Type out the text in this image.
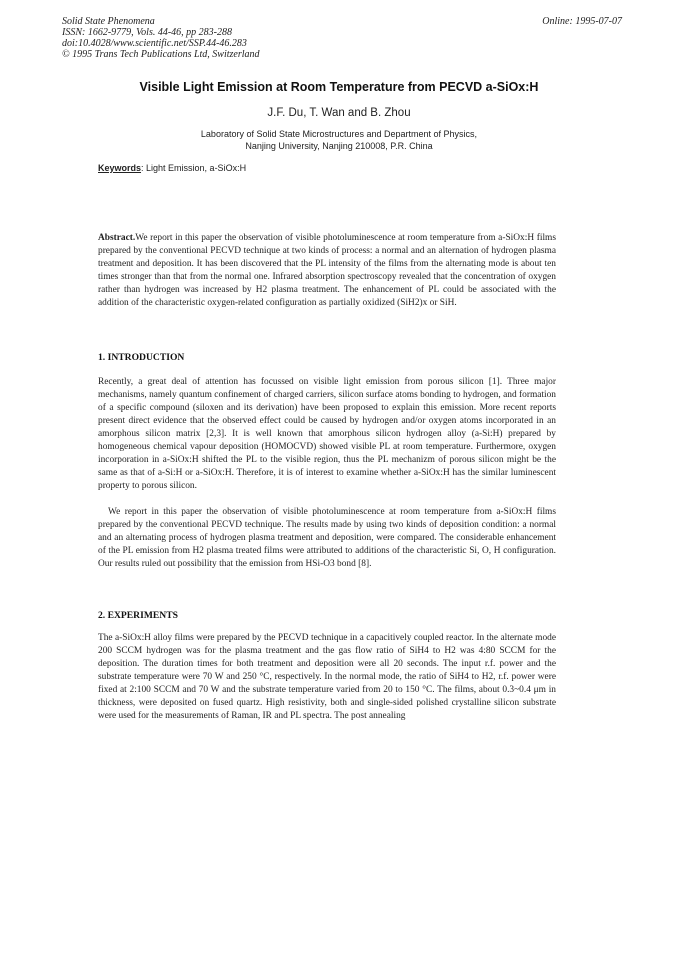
Solid State Phenomena
ISSN: 1662-9779, Vols. 44-46, pp 283-288
doi:10.4028/www.scientific.net/SSP.44-46.283
© 1995 Trans Tech Publications Ltd, Switzerland
Online: 1995-07-07
Visible Light Emission at Room Temperature from PECVD a-SiOx:H
J.F. Du, T. Wan and B. Zhou
Laboratory of Solid State Microstructures and Department of Physics,
Nanjing University, Nanjing 210008, P.R. China
Keywords: Light Emission, a-SiOx:H
Abstract.We report in this paper the observation of visible photoluminescence at room temperature from a-SiOx:H films prepared by the conventional PECVD technique at two kinds of process: a normal and an alternation of hydrogen plasma treatment and deposition. It has been discovered that the PL intensity of the films from the alternating mode is about ten times stronger than that from the normal one. Infrared absorption spectroscopy revealed that the concentration of oxygen rather than hydrogen was increased by H2 plasma treatment. The enhancement of PL could be associated with the addition of the characteristic oxygen-related configuration as partially oxidized (SiH2)x or SiH.
1. INTRODUCTION
Recently, a great deal of attention has focussed on visible light emission from porous silicon [1]. Three major mechanisms, namely quantum confinement of charged carriers, silicon surface atoms bonding to hydrogen, and formation of a specific compound (siloxen and its derivation) have been proposed to explain this emission. More recent reports present direct evidence that the observed effect could be caused by hydrogen and/or oxygen atoms incorporated in an amorphous silicon matrix [2,3]. It is well known that amorphous silicon hydrogen alloy (a-Si:H) prepared by homogeneous chemical vapour deposition (HOMOCVD) showed visible PL at room temperature. Furthermore, oxygen incorporation in a-SiOx:H shifted the PL to the visible region, thus the PL mechanizm of porous silicon might be the same as that of a-Si:H or a-SiOx:H. Therefore, it is of interest to examine whether a-SiOx:H has the similar luminescent property to porous silicon.
We report in this paper the observation of visible photoluminescence at room temperature from a-SiOx:H films prepared by the conventional PECVD technique. The results made by using two kinds of deposition condition: a normal and an alternating process of hydrogen plasma treatment and deposition, were compared. The considerable enhancement of the PL emission from H2 plasma treated films were attributed to additions of the characteristic Si, O, H configuration. Our results ruled out possibility that the emission from HSi-O3 bond [8].
2. EXPERIMENTS
The a-SiOx:H alloy films were prepared by the PECVD technique in a capacitively coupled reactor. In the alternate mode 200 SCCM hydrogen was for the plasma treatment and the gas flow ratio of SiH4 to H2 was 4:80 SCCM for the deposition. The duration times for both treatment and deposition were all 20 seconds. The input r.f. power and the substrate temperature were 70 W and 250 °C, respectively. In the normal mode, the ratio of SiH4 to H2, r.f. power were fixed at 2:100 SCCM and 70 W and the substrate temperature varied from 20 to 150 °C. The films, about 0.3~0.4 μm in thickness, were deposited on fused quartz. High resistivity, both and single-sided polished crystalline silicon substrate were used for the measurements of Raman, IR and PL spectra. The post annealing
